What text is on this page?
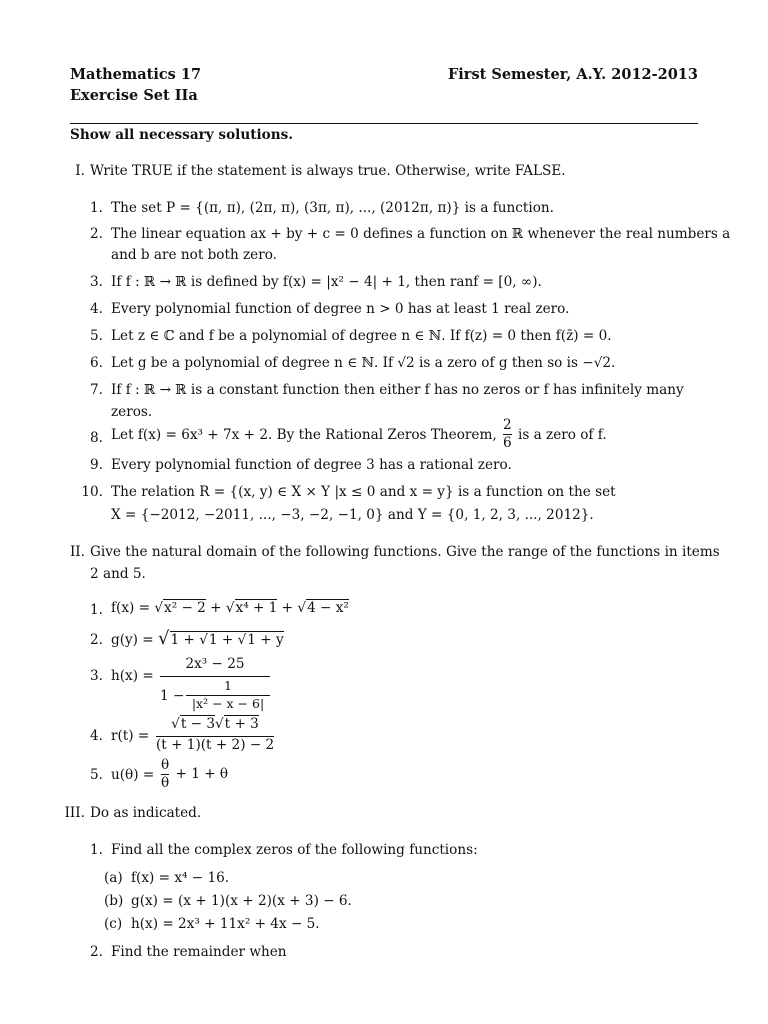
Mathematics 17
Exercise Set IIa
First Semester, A.Y. 2012-2013
Show all necessary solutions.
I. Write TRUE if the statement is always true. Otherwise, write FALSE.
1. The set P = {(π, π), (2π, π), (3π, π), ..., (2012π, π)} is a function.
2. The linear equation ax + by + c = 0 defines a function on ℝ whenever the real numbers a
and b are not both zero.
3. If f : ℝ → ℝ is defined by f(x) = |x² − 4| + 1, then ranf = [0, ∞).
4. Every polynomial function of degree n > 0 has at least 1 real zero.
5. Let z ∈ ℂ and f be a polynomial of degree n ∈ ℕ. If f(z) = 0 then f(z̄) = 0.
6. Let g be a polynomial of degree n ∈ ℕ. If √2 is a zero of g then so is −√2.
7. If f : ℝ → ℝ is a constant function then either f has no zeros or f has infinitely many
zeros.
8. Let f(x) = 6x³ + 7x + 2. By the Rational Zeros Theorem, $\frac{2}{6}$ is a zero of f.
9. Every polynomial function of degree 3 has a rational zero.
10. The relation R = {(x, y) ∈ X × Y |x ≤ 0 and x = y} is a function on the set
X = {−2012, −2011, ..., −3, −2, −1, 0} and Y = {0, 1, 2, 3, ..., 2012}.
II. Give the natural domain of the following functions. Give the range of the functions in items
2 and 5.
1. f(x) = √x² − 2 + √x⁴ + 1 + √4 − x²
2. g(y) = √1 + √1 + √1 + y
3. h(x) =
2x³ − 25
1 −
1
|x² − x − 6|
4. r(t) =
√t − 3√t + 3
(t + 1)(t + 2) − 2
5. $u(\theta) = \frac{\theta}{\theta} + 1 + \theta$
III. Do as indicated.
1. Find all the complex zeros of the following functions:
(a) f(x) = x⁴ − 16.
(b) g(x) = (x + 1)(x + 2)(x + 3) − 6.
(c) h(x) = 2x³ + 11x² + 4x − 5.
2. Find the remainder when
